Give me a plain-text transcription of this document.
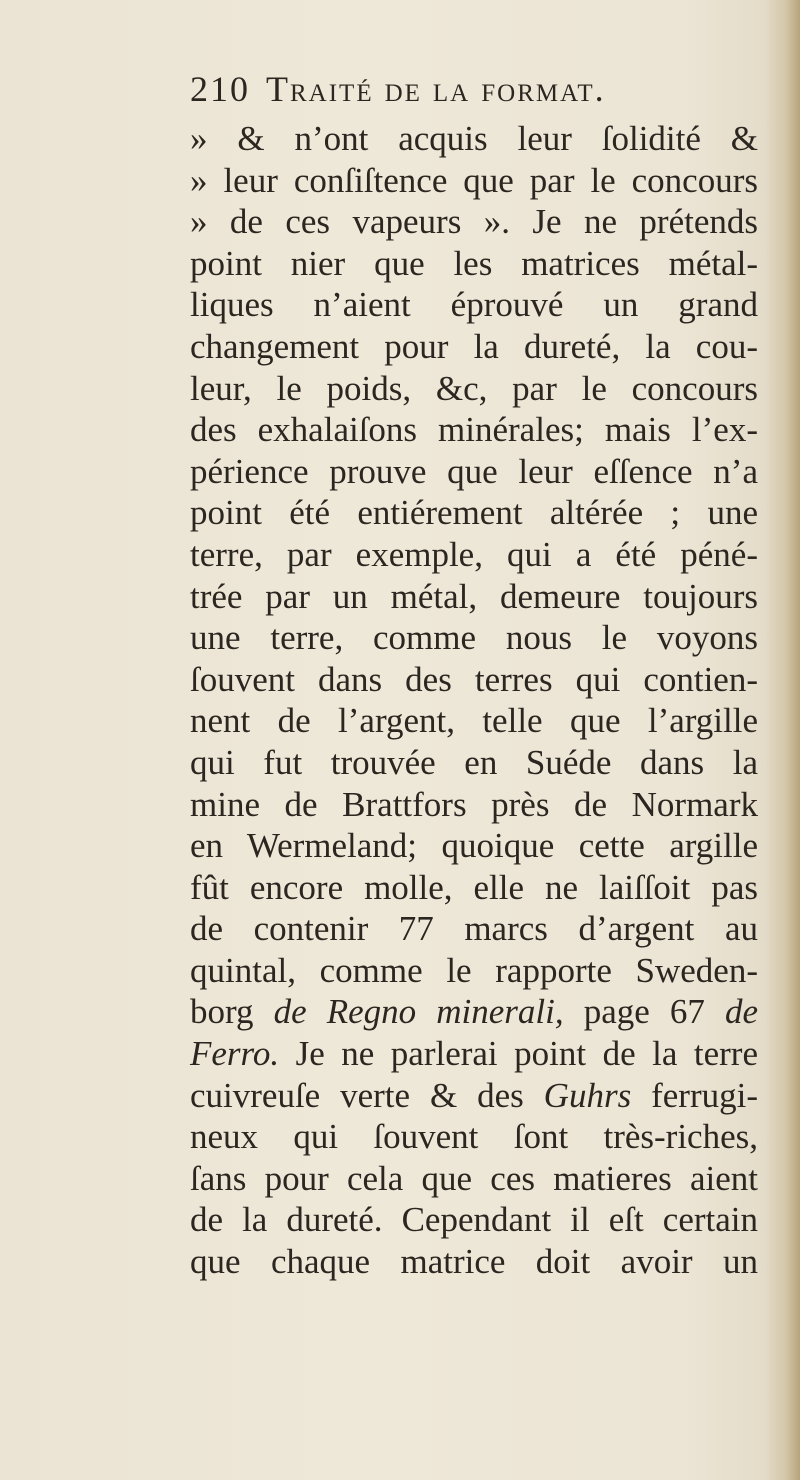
210 Traité de la format.
» & n’ont acquis leur ſolidité &
» leur conſiſtence que par le concours
» de ces vapeurs ». Je ne prétends
point nier que les matrices métal-
liques n’aient éprouvé un grand
changement pour la dureté, la cou-
leur, le poids, &c, par le concours
des exhalaiſons minérales; mais l’ex-
périence prouve que leur eſſence n’a
point été entiérement altérée ; une
terre, par exemple, qui a été péné-
trée par un métal, demeure toujours
une terre, comme nous le voyons
ſouvent dans des terres qui contien-
nent de l’argent, telle que l’argille
qui fut trouvée en Suéde dans la
mine de Brattfors près de Normark
en Wermeland; quoique cette argille
fût encore molle, elle ne laiſſoit pas
de contenir 77 marcs d’argent au
quintal, comme le rapporte Sweden-
borg de Regno minerali, page 67 de
Ferro. Je ne parlerai point de la terre
cuivreuſe verte & des Guhrs ferrugi-
neux qui ſouvent ſont très-riches,
ſans pour cela que ces matieres aient
de la dureté. Cependant il eſt certain
que chaque matrice doit avoir un
